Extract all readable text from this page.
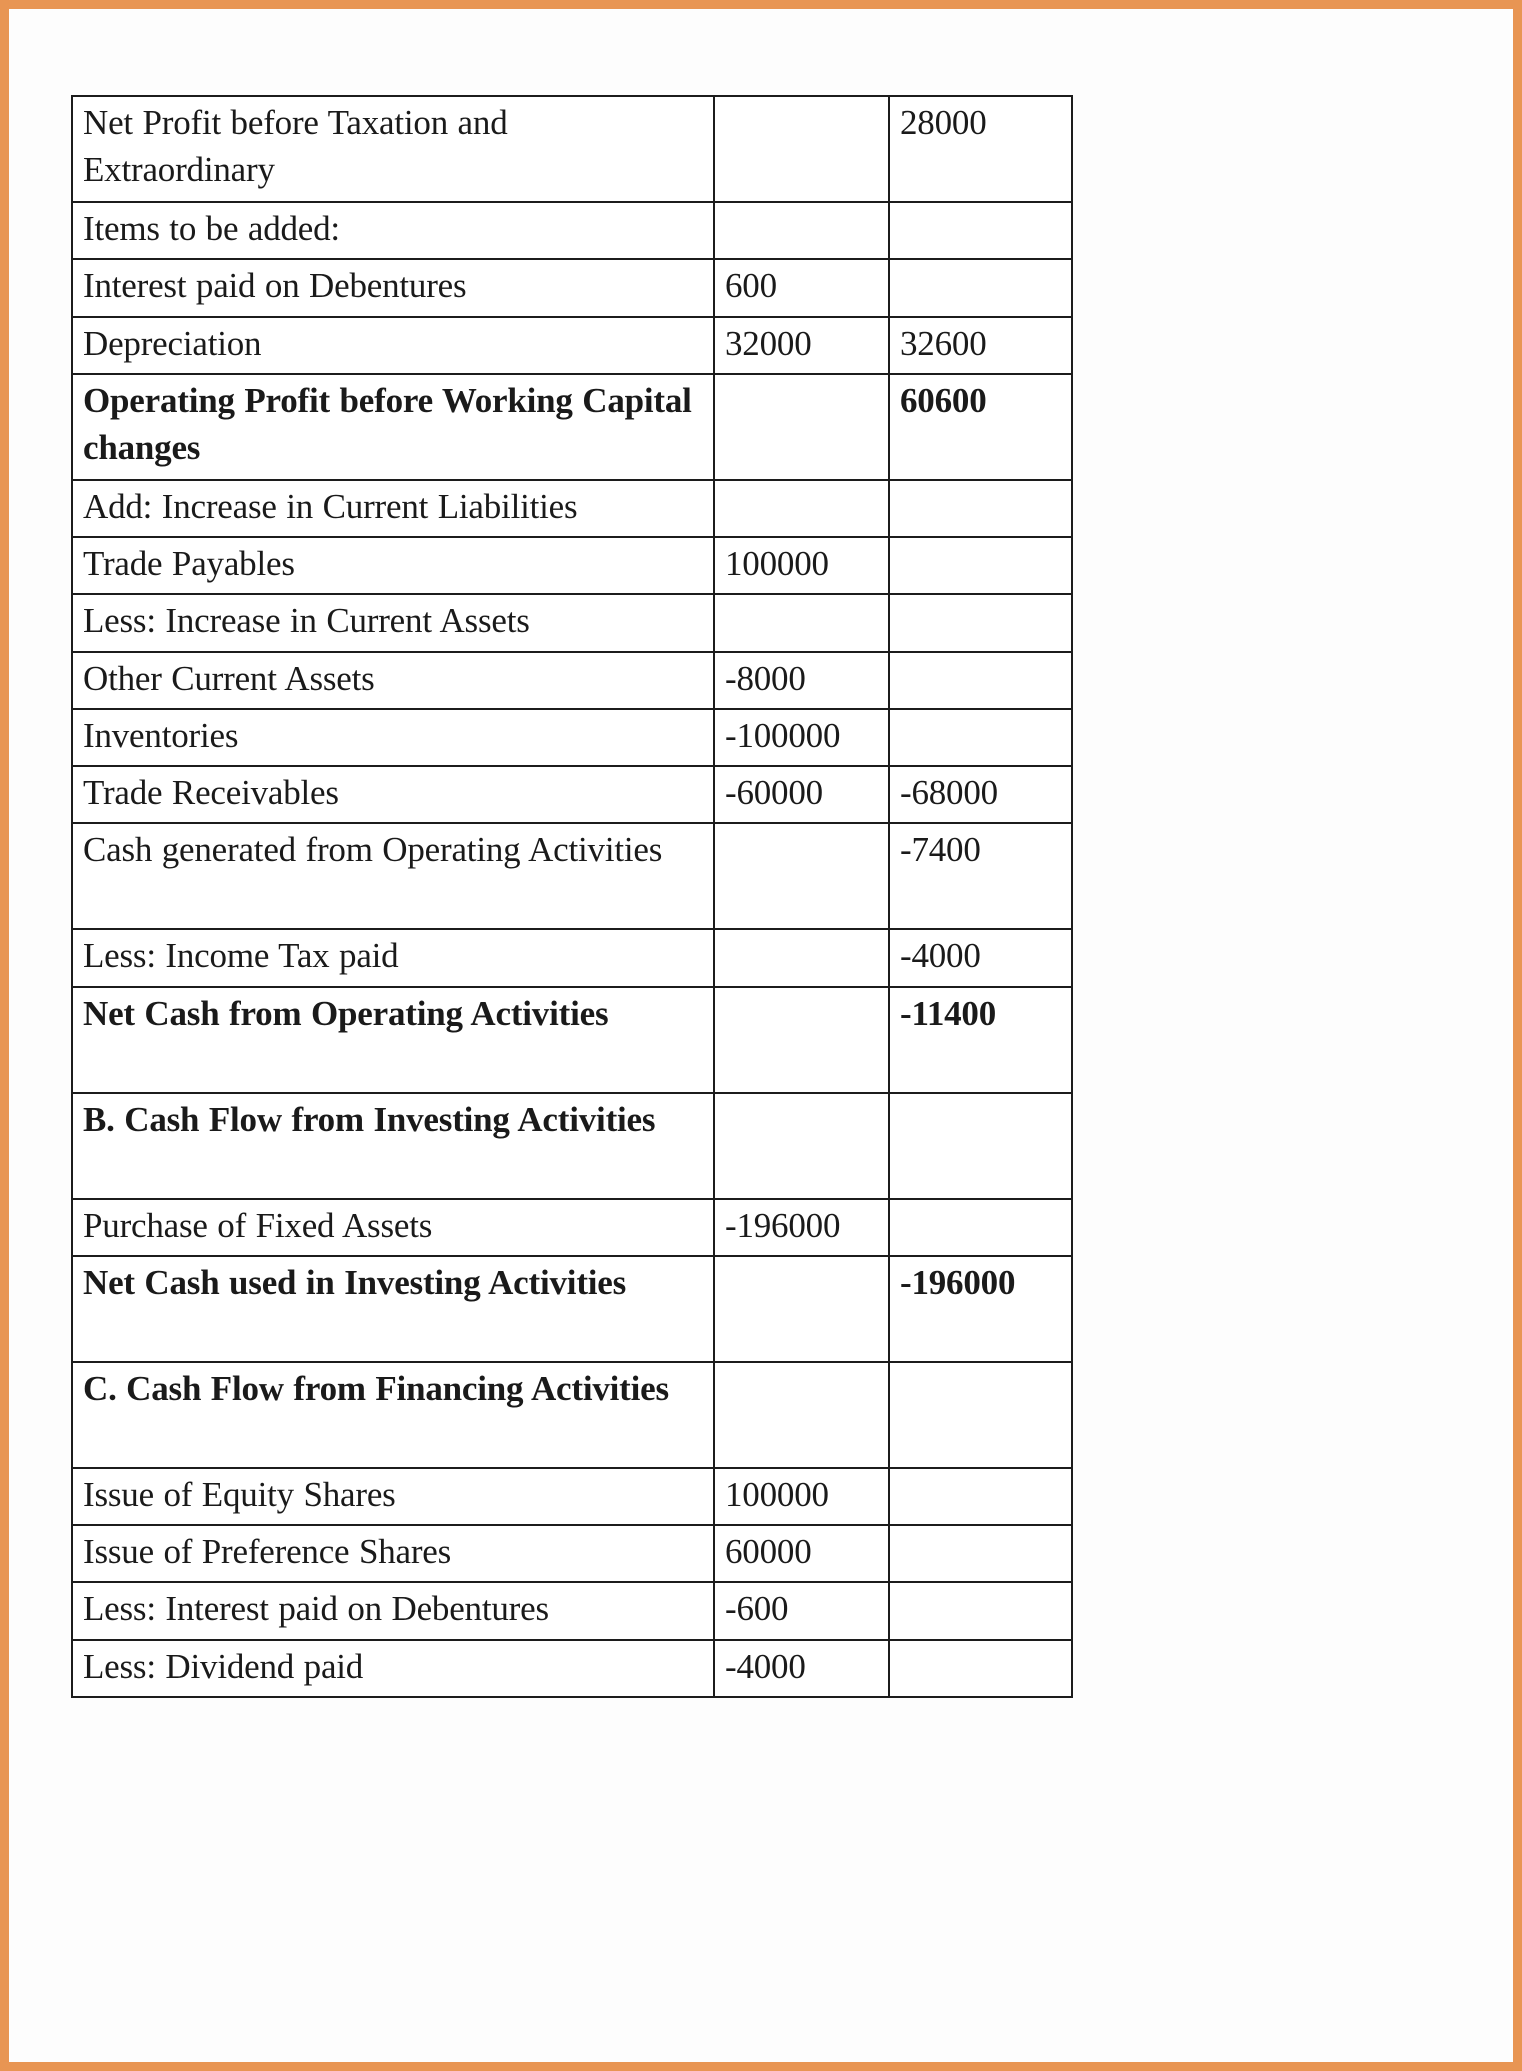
Net Profit before Taxation and Extraordinary		28000
Items to be added:		
Interest paid on Debentures	600	
Depreciation	32000	32600
Operating Profit before Working Capital changes		60600
Add: Increase in Current Liabilities		
Trade Payables	100000	
Less: Increase in Current Assets		
Other Current Assets	-8000	
Inventories	-100000	
Trade Receivables	-60000	-68000
Cash generated from Operating Activities		-7400
Less: Income Tax paid		-4000
Net Cash from Operating Activities		-11400
B. Cash Flow from Investing Activities		
Purchase of Fixed Assets	-196000	
Net Cash used in Investing Activities		-196000
C. Cash Flow from Financing Activities		
Issue of Equity Shares	100000	
Issue of Preference Shares	60000	
Less: Interest paid on Debentures	-600	
Less: Dividend paid	-4000	
